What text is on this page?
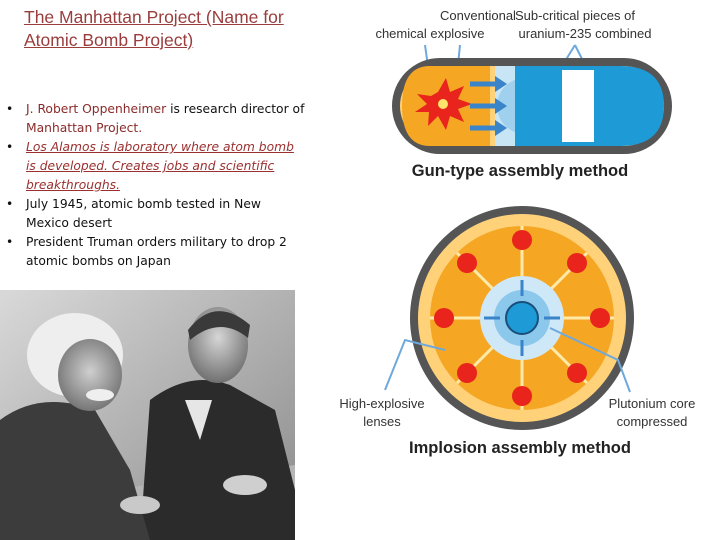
The Manhattan Project (Name for Atomic Bomb Project)
• J. Robert Oppenheimer is research director of Manhattan Project.
• Los Alamos is laboratory where atom bomb is developed. Creates jobs and scientific breakthroughs.
• July 1945, atomic bomb tested in New Mexico desert
• President Truman orders military to drop 2 atomic bombs on Japan
Conventional
chemical explosive
Sub-critical pieces of
uranium-235 combined
Gun-type assembly method
High-explosive
lenses
Plutonium core
compressed
Implosion assembly method
